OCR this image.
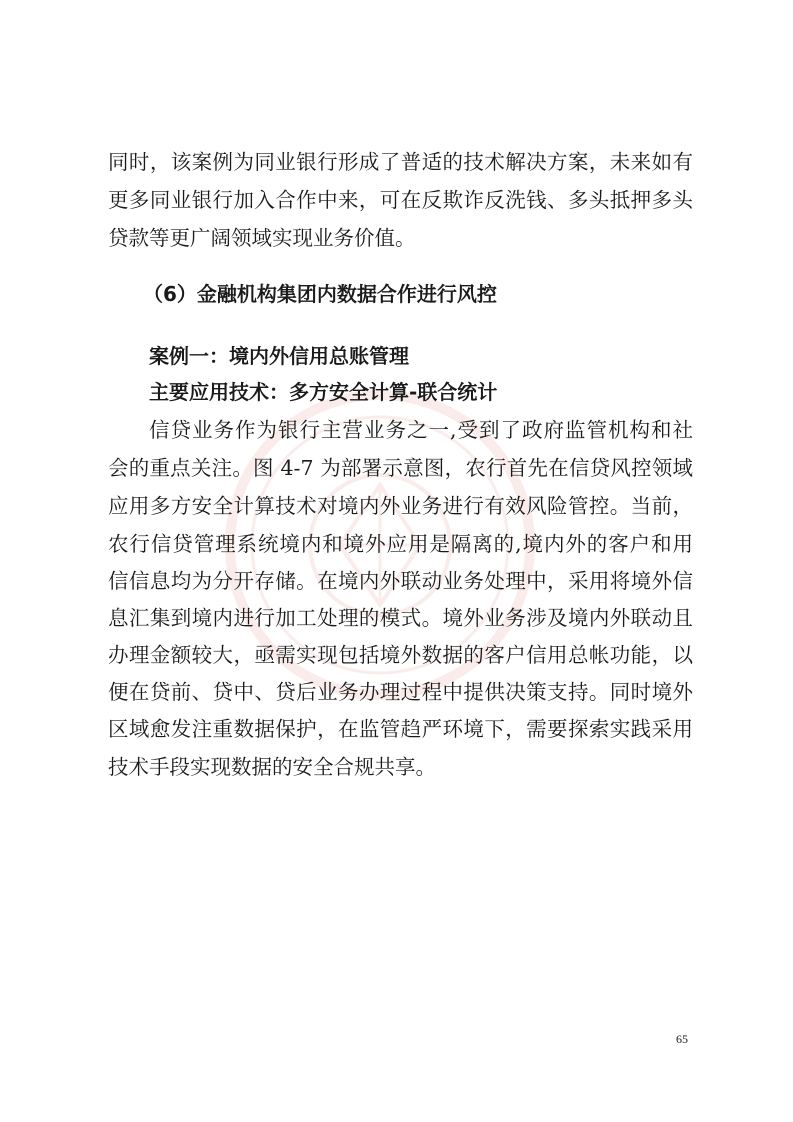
同时，该案例为同业银行形成了普适的技术解决方案，未来如有
更多同业银行加入合作中来，可在反欺诈反洗钱、多头抵押多头
贷款等更广阔领域实现业务价值。
（6）金融机构集团内数据合作进行风控
案例一：境内外信用总账管理
主要应用技术：多方安全计算-联合统计
信贷业务作为银行主营业务之一,受到了政府监管机构和社
会的重点关注。图 4-7 为部署示意图，农行首先在信贷风控领域
应用多方安全计算技术对境内外业务进行有效风险管控。当前，
农行信贷管理系统境内和境外应用是隔离的,境内外的客户和用
信信息均为分开存储。在境内外联动业务处理中，采用将境外信
息汇集到境内进行加工处理的模式。境外业务涉及境内外联动且
办理金额较大，亟需实现包括境外数据的客户信用总帐功能，以
便在贷前、贷中、贷后业务办理过程中提供决策支持。同时境外
区域愈发注重数据保护，在监管趋严环境下，需要探索实践采用
技术手段实现数据的安全合规共享。
65
